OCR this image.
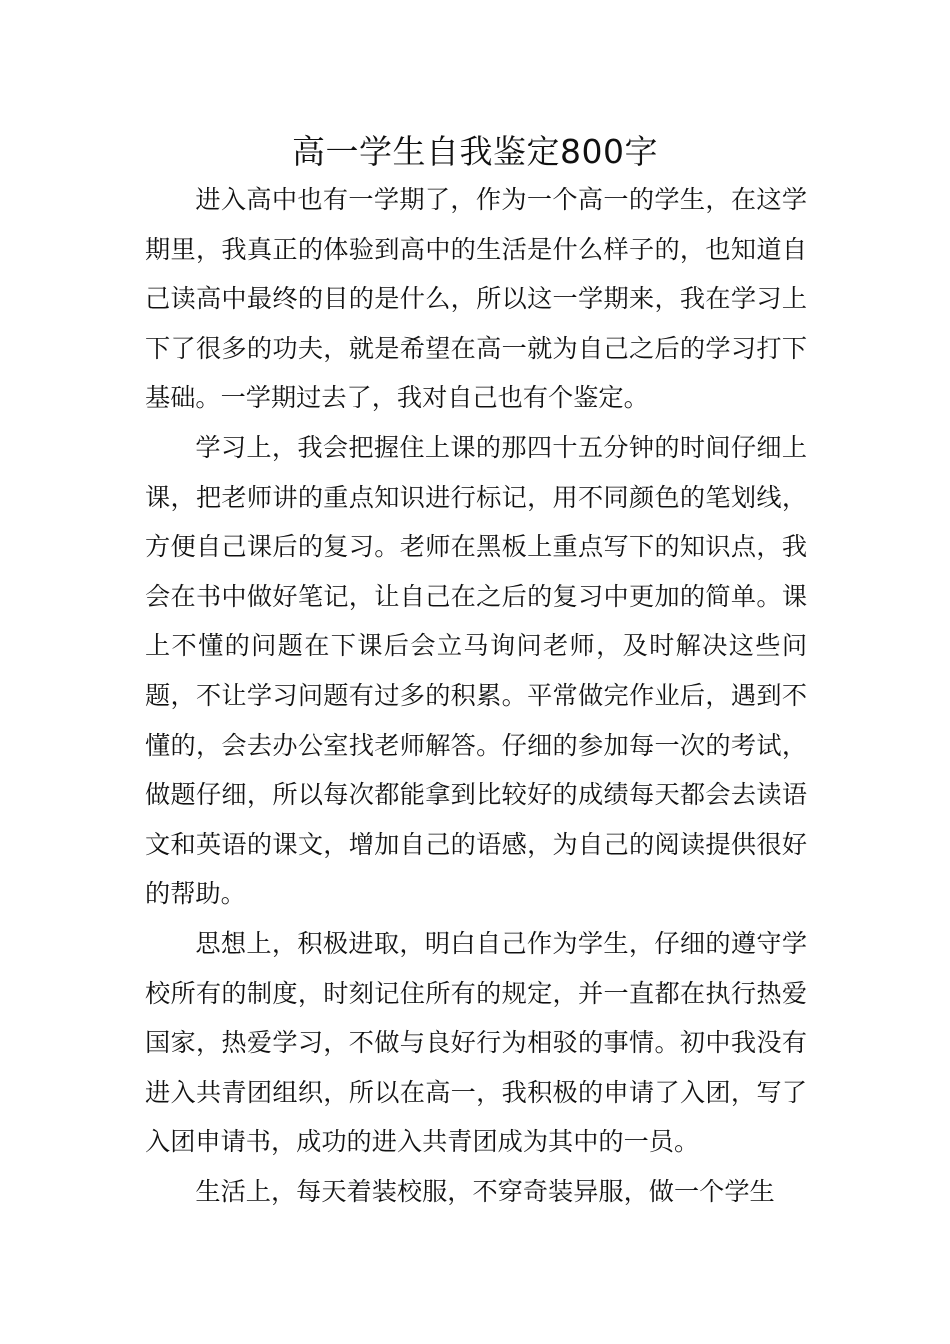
高一学生自我鉴定800字

进入高中也有一学期了，作为一个高一的学生，在这学期里，我真正的体验到高中的生活是什么样子的，也知道自己读高中最终的目的是什么，所以这一学期来，我在学习上下了很多的功夫，就是希望在高一就为自己之后的学习打下基础。一学期过去了，我对自己也有个鉴定。

学习上，我会把握住上课的那四十五分钟的时间仔细上课，把老师讲的重点知识进行标记，用不同颜色的笔划线，方便自己课后的复习。老师在黑板上重点写下的知识点，我会在书中做好笔记，让自己在之后的复习中更加的简单。课上不懂的问题在下课后会立马询问老师，及时解决这些问题，不让学习问题有过多的积累。平常做完作业后，遇到不懂的，会去办公室找老师解答。仔细的参加每一次的考试，做题仔细，所以每次都能拿到比较好的成绩每天都会去读语文和英语的课文，增加自己的语感，为自己的阅读提供很好的帮助。

思想上，积极进取，明白自己作为学生，仔细的遵守学校所有的制度，时刻记住所有的规定，并一直都在执行热爱国家，热爱学习，不做与良好行为相驳的事情。初中我没有进入共青团组织，所以在高一，我积极的申请了入团，写了入团申请书，成功的进入共青团成为其中的一员。

生活上，每天着装校服，不穿奇装异服，做一个学生
